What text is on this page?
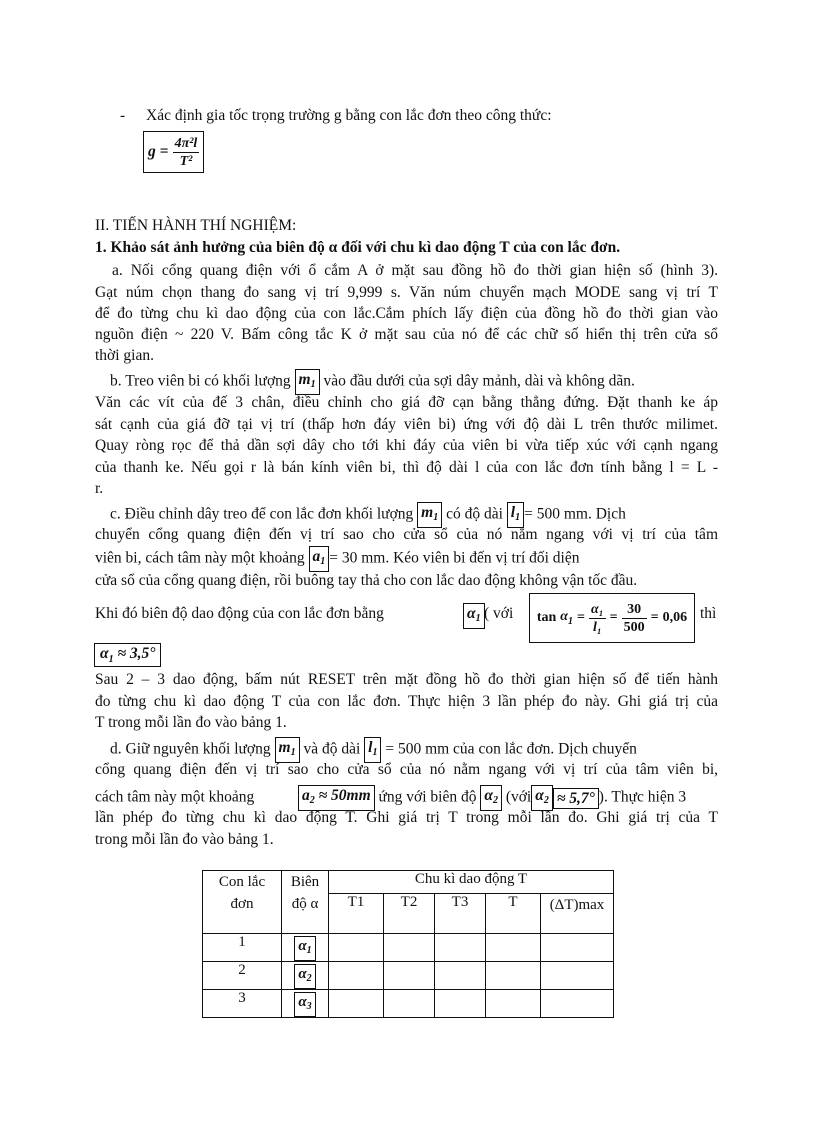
- Xác định gia tốc trọng trường g bằng con lắc đơn theo công thức:
$g = \frac{\text{4π²l}}{\text{T²}}$
II. TIẾN HÀNH THÍ NGHIỆM:
1. Khảo sát ảnh hưởng của biên độ α đối với chu kì dao động T của con lắc đơn.
a. Nối cổng quang điện với ổ cắm A ở mặt sau đồng hồ đo thời gian hiện số (hình 3).
Gạt núm chọn thang đo sang vị trí 9,999 s. Văn núm chuyển mạch MODE sang vị trí T
để đo từng chu kì dao động của con lắc.Cắm phích lấy điện của đồng hồ đo thời gian vào
nguồn điện ~ 220 V. Bấm công tắc K ở mặt sau của nó để các chữ số hiển thị trên cửa sổ
thời gian.
b. Treo viên bi có khối lượng $m_1$ vào đầu dưới của sợi dây mảnh, dài và không dãn.
Văn các vít của đế 3 chân, điều chỉnh cho giá đỡ cạn bằng thẳng đứng. Đặt thanh ke áp
sát cạnh của giá đỡ tại vị trí (thấp hơn đáy viên bi) ứng với độ dài L trên thước milimet.
Quay ròng rọc để thả dần sợi dây cho tới khi đáy của viên bi vừa tiếp xúc với cạnh ngang
của thanh ke. Nếu gọi r là bán kính viên bi, thì độ dài l của con lắc đơn tính bằng l = L -
r.
c. Điều chỉnh dây treo để con lắc đơn khối lượng $m_1$ có độ dài $l_1 = 500$ mm. Dịch
chuyển cổng quang điện đến vị trí sao cho cửa sổ của nó nằm ngang với vị trí của tâm
viên bi, cách tâm này một khoảng $a_1 = 30$ mm. Kéo viên bi đến vị trí đối diện
cửa sổ của cổng quang điện, rồi buông tay thả cho con lắc dao động không vận tốc đầu.
Khi đó biên độ dao động của con lắc đơn bằng	$\alpha_1$ ( với $\tan \alpha_1 = \frac{\text{α₁}}{\text{l₁}} = \frac{30}{500} = 0,06$ thì
$\alpha_1 \approx 3,5^\circ$
Sau 2 – 3 dao động, bấm nút RESET trên mặt đồng hồ đo thời gian hiện số để tiến hành
đo từng chu kì dao động T của con lắc đơn. Thực hiện 3 lần phép đo này. Ghi giá trị của
T trong mỗi lần đo vào bảng 1.
d. Giữ nguyên khối lượng $m_1$ và độ dài $l_1 = 500$ mm của con lắc đơn. Dịch chuyển
cổng quang điện đến vị trí sao cho cửa sổ của nó nằm ngang với vị trí của tâm viên bi,
cách tâm này một khoảng	$a_2 \approx 50mm$ ứng với biên độ $\alpha_2$ (với $\alpha_2 \approx 5,7^\circ$ ). Thực hiện 3
lần phép đo từng chu kì dao động T. Ghi giá trị T trong mỗi lần đo. Ghi giá trị của T
trong mỗi lần đo vào bảng 1.
Con lắc đơn	Biên độ α	Chu kì dao động T				
		T1	T2	T3	T	(ΔT)max
1	$\alpha_1$					
2	$\alpha_2$					
3	$\alpha_3$					
